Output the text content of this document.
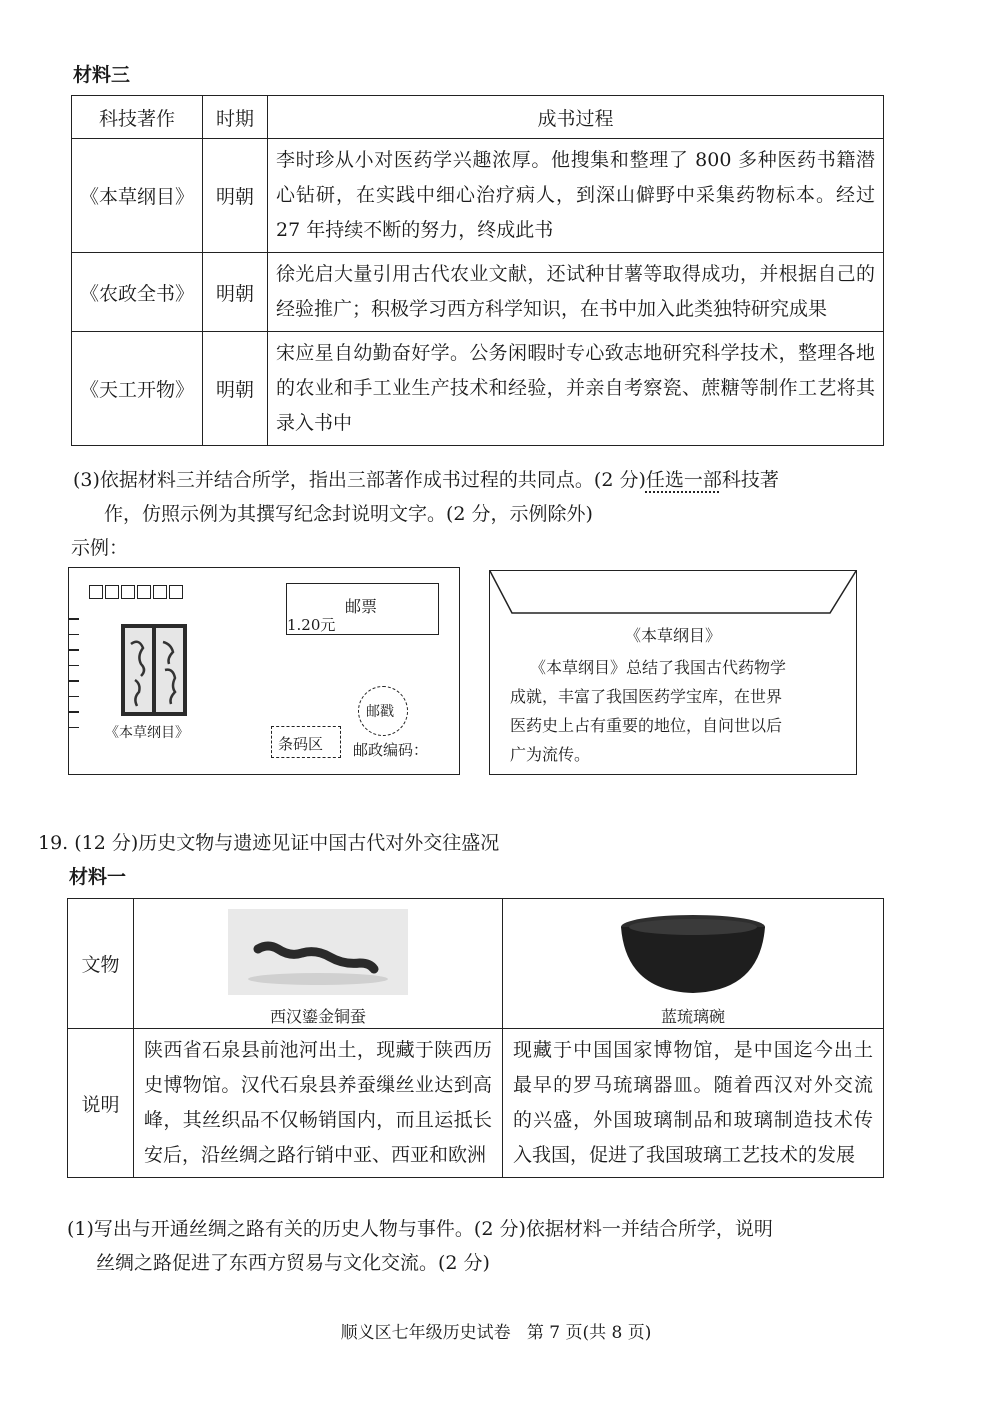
材料三
科技著作	时期	成书过程
《本草纲目》	明朝	李时珍从小对医药学兴趣浓厚。他搜集和整理了 800 多种医药书籍潜心钻研，在实践中细心治疗病人，到深山僻野中采集药物标本。经过 27 年持续不断的努力，终成此书
《农政全书》	明朝	徐光启大量引用古代农业文献，还试种甘薯等取得成功，并根据自己的经验推广；积极学习西方科学知识，在书中加入此类独特研究成果
《天工开物》	明朝	宋应星自幼勤奋好学。公务闲暇时专心致志地研究科学技术，整理各地的农业和手工业生产技术和经验，并亲自考察瓷、蔗糖等制作工艺将其录入书中
(3)依据材料三并结合所学，指出三部著作成书过程的共同点。(2 分)任选一部科技著
作，仿照示例为其撰写纪念封说明文字。(2 分，示例除外)
示例：
《本草纲目》
邮票
1.20元
邮戳
条码区 邮政编码：
《本草纲目》
《本草纲目》总结了我国古代药物学
成就，丰富了我国医药学宝库，在世界
医药史上占有重要的地位，自问世以后
广为流传。
19. (12 分)历史文物与遗迹见证中国古代对外交往盛况
材料一
文物	西汉鎏金铜蚕	蓝琉璃碗

说明	陕西省石泉县前池河出土，现藏于陕西历史博物馆。汉代石泉县养蚕缫丝业达到高峰，其丝织品不仅畅销国内，而且运抵长安后，沿丝绸之路行销中亚、西亚和欧洲	现藏于中国国家博物馆，是中国迄今出土最早的罗马琉璃器皿。随着西汉对外交流的兴盛，外国玻璃制品和玻璃制造技术传入我国，促进了我国玻璃工艺技术的发展
(1)写出与开通丝绸之路有关的历史人物与事件。(2 分)依据材料一并结合所学，说明
丝绸之路促进了东西方贸易与文化交流。(2 分)
顺义区七年级历史试卷   第 7 页(共 8 页)
